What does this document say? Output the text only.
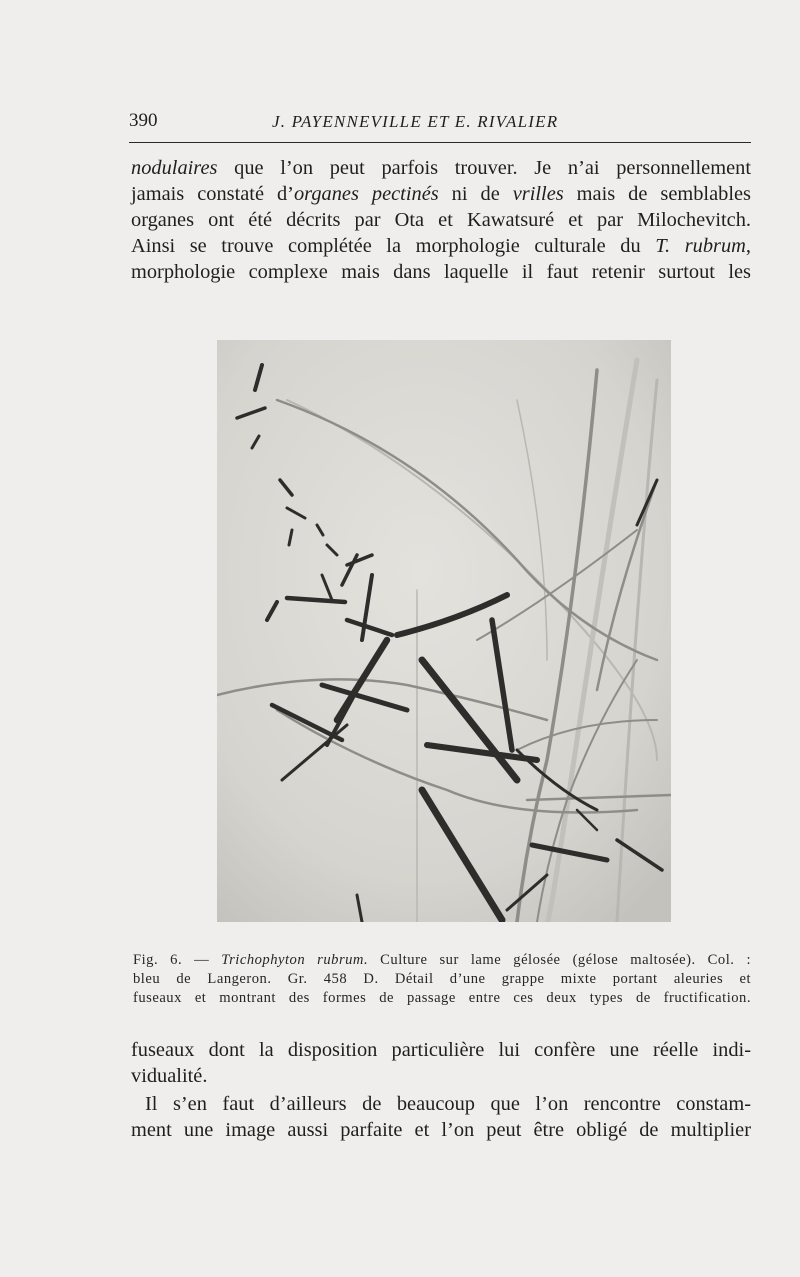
390	J. PAYENNEVILLE ET E. RIVALIER

nodulaires que l’on peut parfois trouver. Je n’ai personnellement
jamais constaté d’organes pectinés ni de vrilles mais de semblables
organes ont été décrits par Ota et Kawatsuré et par Milochevitch.
Ainsi se trouve complétée la morphologie culturale du T. rubrum,
morphologie complexe mais dans laquelle il faut retenir surtout les

Fig. 6. — Trichophyton rubrum. Culture sur lame gélosée (gélose maltosée). Col. :
bleu de Langeron. Gr. 458 D. Détail d’une grappe mixte portant aleuries et
fuseaux et montrant des formes de passage entre ces deux types de fructification.

fuseaux dont la disposition particulière lui confère une réelle indi-
vidualité.

Il s’en faut d’ailleurs de beaucoup que l’on rencontre constam-
ment une image aussi parfaite et l’on peut être obligé de multiplier
